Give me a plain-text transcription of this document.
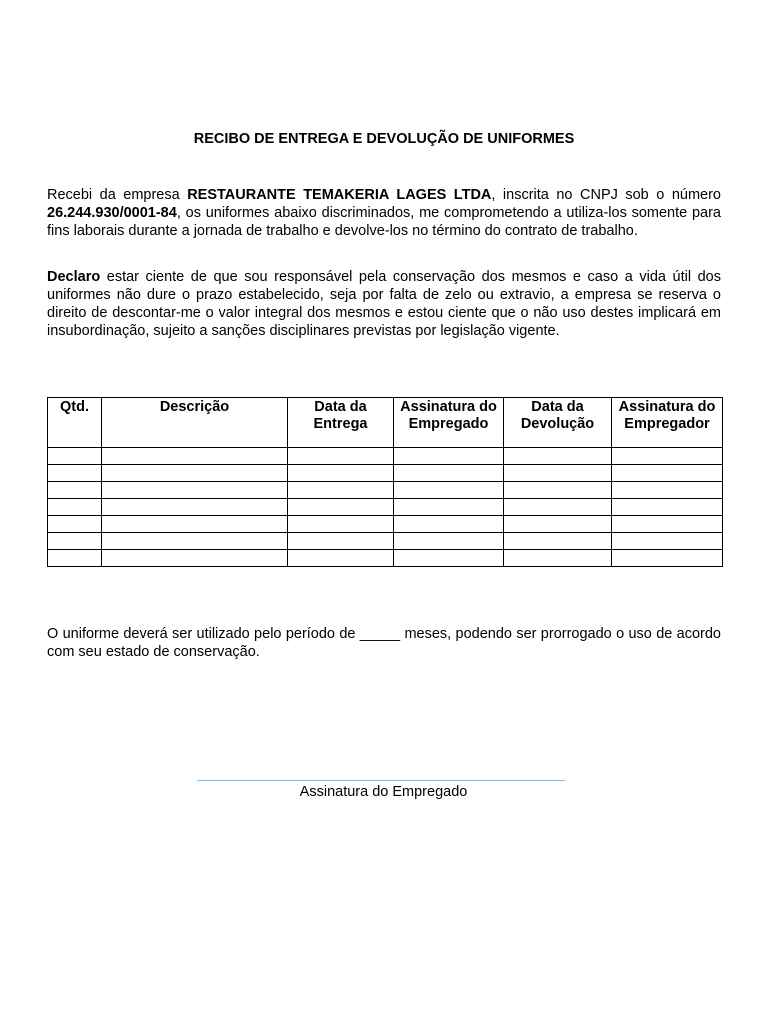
RECIBO DE ENTREGA E DEVOLUÇÃO DE UNIFORMES

Recebi da empresa RESTAURANTE TEMAKERIA LAGES LTDA, inscrita no CNPJ sob o número 26.244.930/0001-84, os uniformes abaixo discriminados, me comprometendo a utiliza-los somente para fins laborais durante a jornada de trabalho e devolve-los no término do contrato de trabalho.

Declaro estar ciente de que sou responsável pela conservação dos mesmos e caso a vida útil dos uniformes não dure o prazo estabelecido, seja por falta de zelo ou extravio, a empresa se reserva o direito de descontar-me o valor integral dos mesmos e estou ciente que o não uso destes implicará em insubordinação, sujeito a sanções disciplinares previstas por legislação vigente.

Qtd.	Descrição	Data da Entrega	Assinatura do Empregado	Data da Devolução	Assinatura do Empregador

O uniforme deverá ser utilizado pelo período de _____ meses, podendo ser prorrogado o uso de acordo com seu estado de conservação.

Assinatura do Empregado
